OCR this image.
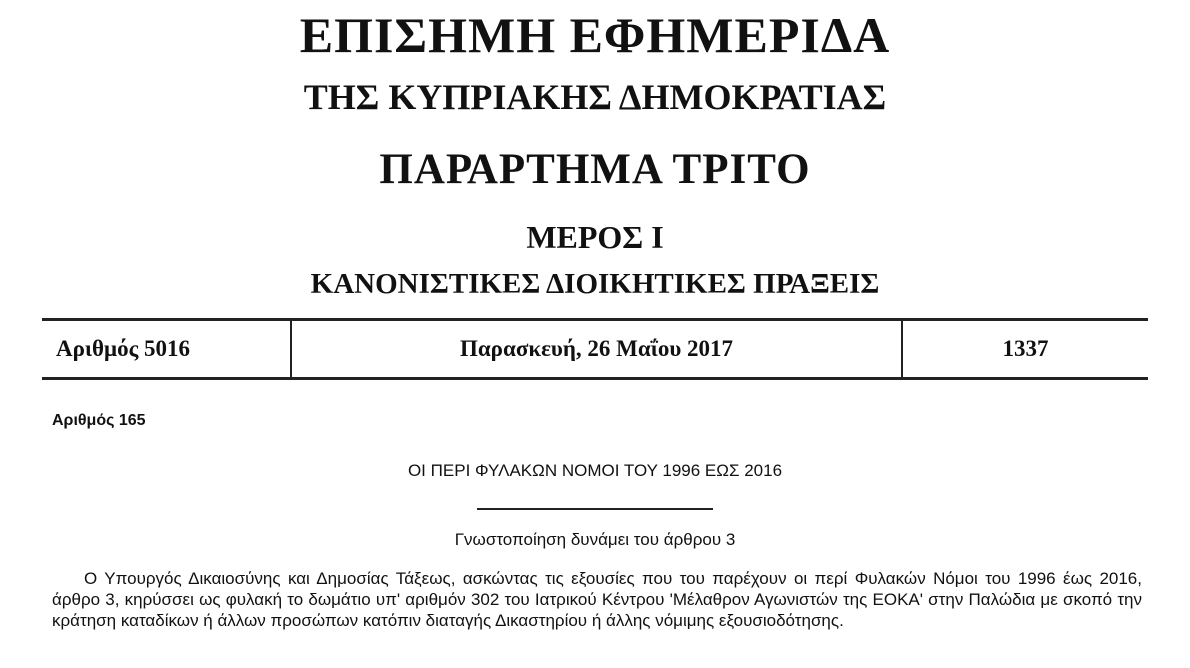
ΕΠΙΣΗΜΗ ΕΦΗΜΕΡΙΔΑ
ΤΗΣ ΚΥΠΡΙΑΚΗΣ ΔΗΜΟΚΡΑΤΙΑΣ
ΠΑΡΑΡΤΗΜΑ ΤΡΙΤΟ
ΜΕΡΟΣ Ι
ΚΑΝΟΝΙΣΤΙΚΕΣ ΔΙΟΙΚΗΤΙΚΕΣ ΠΡΑΞΕΙΣ
Αριθμός 5016	Παρασκευή, 26 Μαΐου 2017	1337
Αριθμός 165
ΟΙ ΠΕΡΙ ΦΥΛΑΚΩΝ ΝΟΜΟΙ ΤΟΥ 1996 ΕΩΣ 2016
Γνωστοποίηση δυνάμει του άρθρου 3
Ο Υπουργός Δικαιοσύνης και Δημοσίας Τάξεως, ασκώντας τις εξουσίες που του παρέχουν οι περί Φυλακών Νόμοι του 1996 έως 2016, άρθρο 3, κηρύσσει ως φυλακή το δωμάτιο υπ' αριθμόν 302 του Ιατρικού Κέντρου 'Μέλαθρον Αγωνιστών της ΕΟΚΑ' στην Παλώδια με σκοπό την κράτηση καταδίκων ή άλλων προσώπων κατόπιν διαταγής Δικαστηρίου ή άλλης νόμιμης εξουσιοδότησης.
